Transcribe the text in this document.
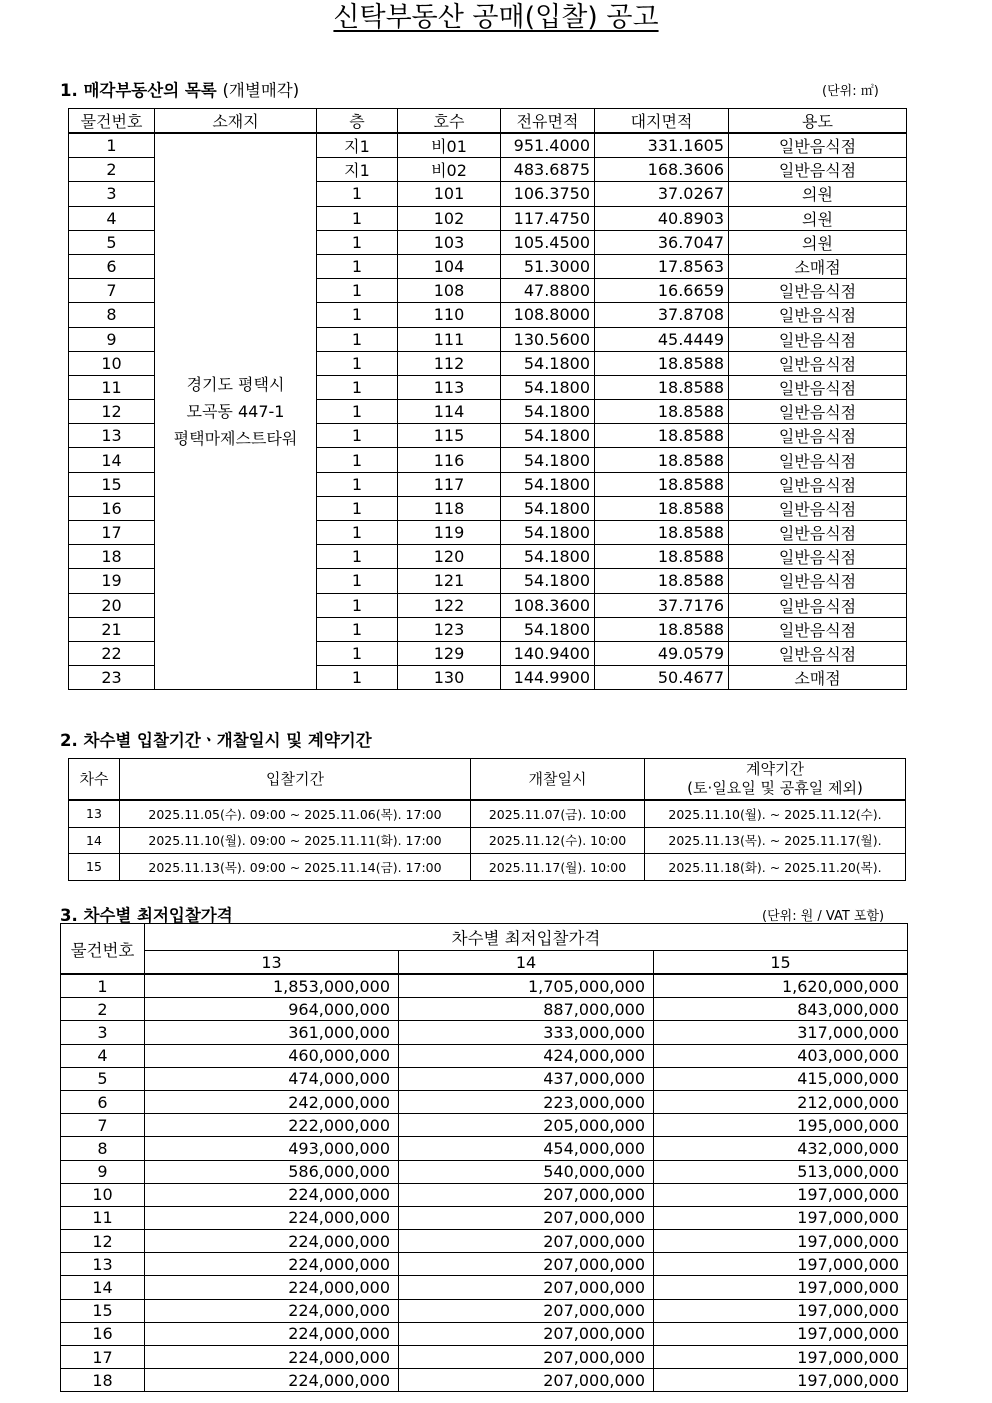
신탁부동산 공매(입찰) 공고
1. 매각부동산의 목록 (개별매각)	(단위: ㎡)
물건번호	소재지	층	호수	전유면적	대지면적	용도
1	경기도 평택시
모곡동 447-1
평택마제스트타워	지1	비01	951.4000	331.1605	일반음식점
2		지1	비02	483.6875	168.3606	일반음식점
3		1	101	106.3750	37.0267	의원
4		1	102	117.4750	40.8903	의원
5		1	103	105.4500	36.7047	의원
6		1	104	51.3000	17.8563	소매점
7		1	108	47.8800	16.6659	일반음식점
8		1	110	108.8000	37.8708	일반음식점
9		1	111	130.5600	45.4449	일반음식점
10		1	112	54.1800	18.8588	일반음식점
11		1	113	54.1800	18.8588	일반음식점
12		1	114	54.1800	18.8588	일반음식점
13		1	115	54.1800	18.8588	일반음식점
14		1	116	54.1800	18.8588	일반음식점
15		1	117	54.1800	18.8588	일반음식점
16		1	118	54.1800	18.8588	일반음식점
17		1	119	54.1800	18.8588	일반음식점
18		1	120	54.1800	18.8588	일반음식점
19		1	121	54.1800	18.8588	일반음식점
20		1	122	108.3600	37.7176	일반음식점
21		1	123	54.1800	18.8588	일반음식점
22		1	129	140.9400	49.0579	일반음식점
23		1	130	144.9900	50.4677	소매점
2. 차수별 입찰기간ㆍ개찰일시 및 계약기간
차수	입찰기간	개찰일시	계약기간
(토·일요일 및 공휴일 제외)
13	2025.11.05(수). 09:00 ~ 2025.11.06(목). 17:00	2025.11.07(금). 10:00	2025.11.10(월). ~ 2025.11.12(수).
14	2025.11.10(월). 09:00 ~ 2025.11.11(화). 17:00	2025.11.12(수). 10:00	2025.11.13(목). ~ 2025.11.17(월).
15	2025.11.13(목). 09:00 ~ 2025.11.14(금). 17:00	2025.11.17(월). 10:00	2025.11.18(화). ~ 2025.11.20(목).
3. 차수별 최저입찰가격	(단위: 원 / VAT 포함)
물건번호	차수별 최저입찰가격		
	13	14	15
1	1,853,000,000	1,705,000,000	1,620,000,000
2	964,000,000	887,000,000	843,000,000
3	361,000,000	333,000,000	317,000,000
4	460,000,000	424,000,000	403,000,000
5	474,000,000	437,000,000	415,000,000
6	242,000,000	223,000,000	212,000,000
7	222,000,000	205,000,000	195,000,000
8	493,000,000	454,000,000	432,000,000
9	586,000,000	540,000,000	513,000,000
10	224,000,000	207,000,000	197,000,000
11	224,000,000	207,000,000	197,000,000
12	224,000,000	207,000,000	197,000,000
13	224,000,000	207,000,000	197,000,000
14	224,000,000	207,000,000	197,000,000
15	224,000,000	207,000,000	197,000,000
16	224,000,000	207,000,000	197,000,000
17	224,000,000	207,000,000	197,000,000
18	224,000,000	207,000,000	197,000,000
